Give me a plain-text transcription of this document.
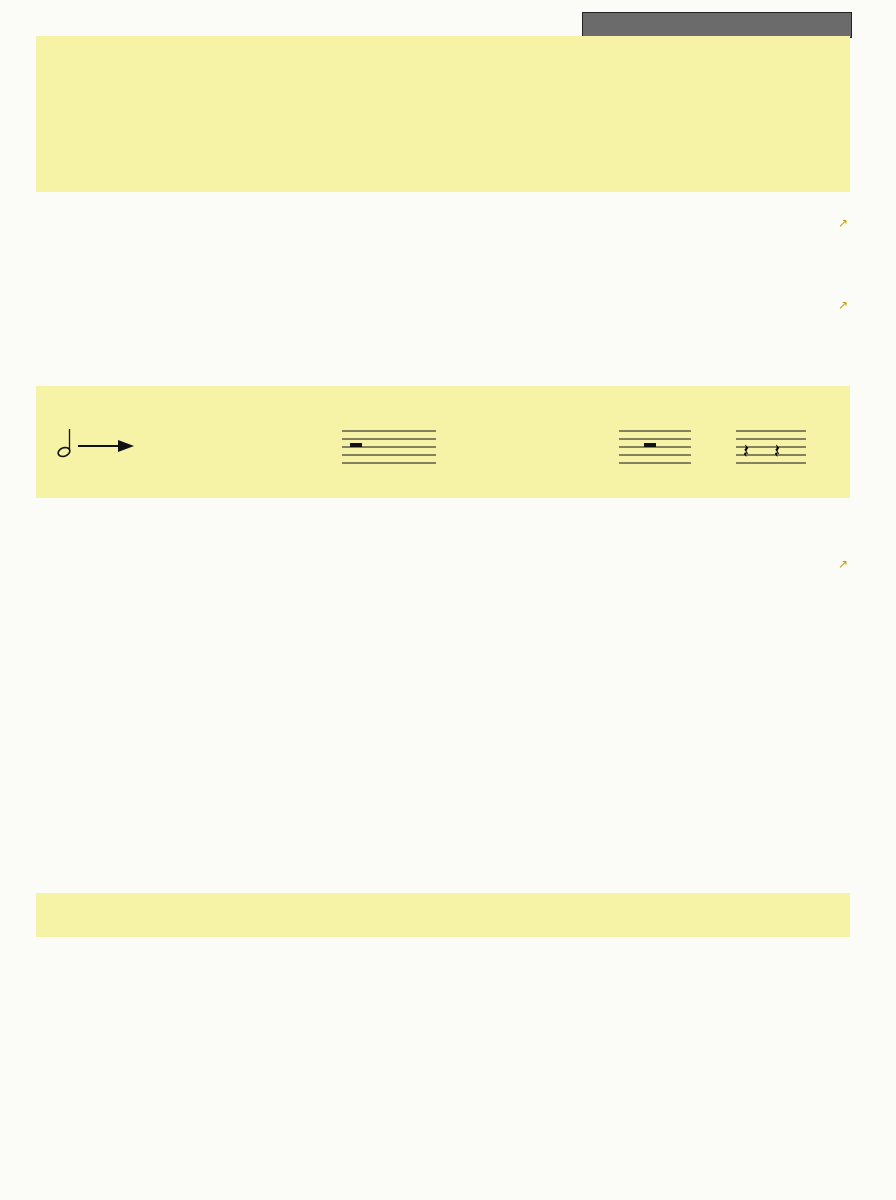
↗
↗
↗
𝄽 𝄽
